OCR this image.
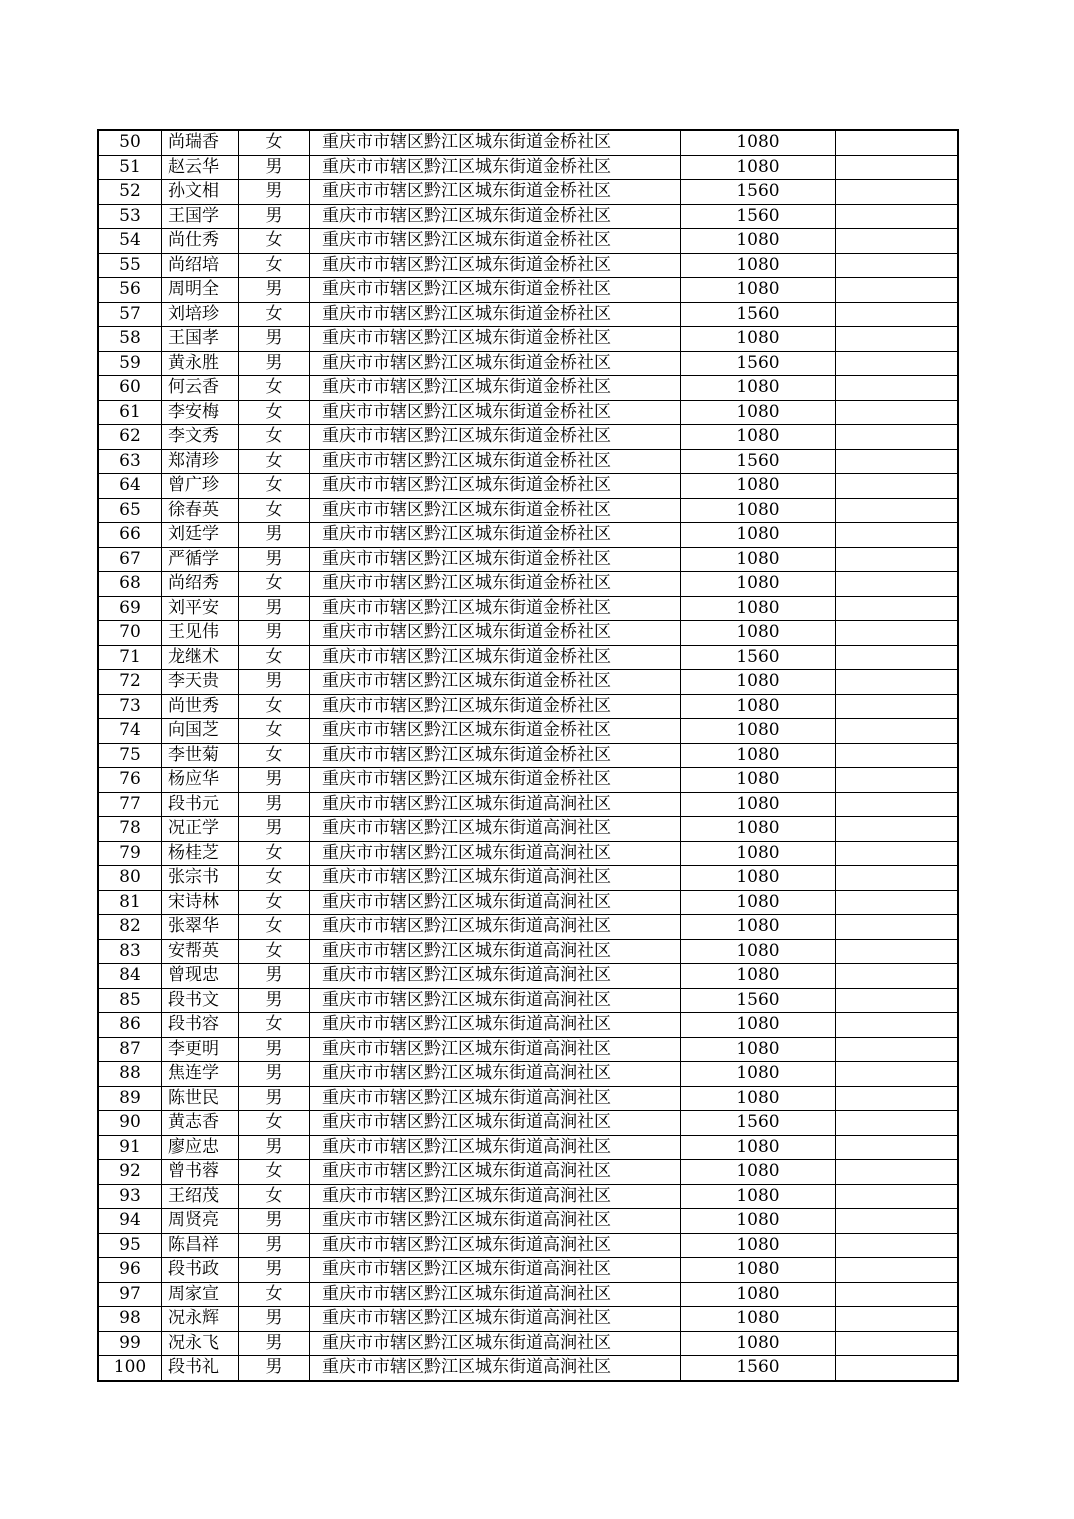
50	尚瑞香	女	重庆市市辖区黔江区城东街道金桥社区	1080	
51	赵云华	男	重庆市市辖区黔江区城东街道金桥社区	1080	
52	孙文相	男	重庆市市辖区黔江区城东街道金桥社区	1560	
53	王国学	男	重庆市市辖区黔江区城东街道金桥社区	1560	
54	尚仕秀	女	重庆市市辖区黔江区城东街道金桥社区	1080	
55	尚绍培	女	重庆市市辖区黔江区城东街道金桥社区	1080	
56	周明全	男	重庆市市辖区黔江区城东街道金桥社区	1080	
57	刘培珍	女	重庆市市辖区黔江区城东街道金桥社区	1560	
58	王国孝	男	重庆市市辖区黔江区城东街道金桥社区	1080	
59	黄永胜	男	重庆市市辖区黔江区城东街道金桥社区	1560	
60	何云香	女	重庆市市辖区黔江区城东街道金桥社区	1080	
61	李安梅	女	重庆市市辖区黔江区城东街道金桥社区	1080	
62	李文秀	女	重庆市市辖区黔江区城东街道金桥社区	1080	
63	郑清珍	女	重庆市市辖区黔江区城东街道金桥社区	1560	
64	曾广珍	女	重庆市市辖区黔江区城东街道金桥社区	1080	
65	徐春英	女	重庆市市辖区黔江区城东街道金桥社区	1080	
66	刘廷学	男	重庆市市辖区黔江区城东街道金桥社区	1080	
67	严循学	男	重庆市市辖区黔江区城东街道金桥社区	1080	
68	尚绍秀	女	重庆市市辖区黔江区城东街道金桥社区	1080	
69	刘平安	男	重庆市市辖区黔江区城东街道金桥社区	1080	
70	王见伟	男	重庆市市辖区黔江区城东街道金桥社区	1080	
71	龙继术	女	重庆市市辖区黔江区城东街道金桥社区	1560	
72	李天贵	男	重庆市市辖区黔江区城东街道金桥社区	1080	
73	尚世秀	女	重庆市市辖区黔江区城东街道金桥社区	1080	
74	向国芝	女	重庆市市辖区黔江区城东街道金桥社区	1080	
75	李世菊	女	重庆市市辖区黔江区城东街道金桥社区	1080	
76	杨应华	男	重庆市市辖区黔江区城东街道金桥社区	1080	
77	段书元	男	重庆市市辖区黔江区城东街道高涧社区	1080	
78	况正学	男	重庆市市辖区黔江区城东街道高涧社区	1080	
79	杨桂芝	女	重庆市市辖区黔江区城东街道高涧社区	1080	
80	张宗书	女	重庆市市辖区黔江区城东街道高涧社区	1080	
81	宋诗林	女	重庆市市辖区黔江区城东街道高涧社区	1080	
82	张翠华	女	重庆市市辖区黔江区城东街道高涧社区	1080	
83	安帮英	女	重庆市市辖区黔江区城东街道高涧社区	1080	
84	曾现忠	男	重庆市市辖区黔江区城东街道高涧社区	1080	
85	段书文	男	重庆市市辖区黔江区城东街道高涧社区	1560	
86	段书容	女	重庆市市辖区黔江区城东街道高涧社区	1080	
87	李更明	男	重庆市市辖区黔江区城东街道高涧社区	1080	
88	焦连学	男	重庆市市辖区黔江区城东街道高涧社区	1080	
89	陈世民	男	重庆市市辖区黔江区城东街道高涧社区	1080	
90	黄志香	女	重庆市市辖区黔江区城东街道高涧社区	1560	
91	廖应忠	男	重庆市市辖区黔江区城东街道高涧社区	1080	
92	曾书蓉	女	重庆市市辖区黔江区城东街道高涧社区	1080	
93	王绍茂	女	重庆市市辖区黔江区城东街道高涧社区	1080	
94	周贤亮	男	重庆市市辖区黔江区城东街道高涧社区	1080	
95	陈昌祥	男	重庆市市辖区黔江区城东街道高涧社区	1080	
96	段书政	男	重庆市市辖区黔江区城东街道高涧社区	1080	
97	周家宣	女	重庆市市辖区黔江区城东街道高涧社区	1080	
98	况永辉	男	重庆市市辖区黔江区城东街道高涧社区	1080	
99	况永飞	男	重庆市市辖区黔江区城东街道高涧社区	1080	
100	段书礼	男	重庆市市辖区黔江区城东街道高涧社区	1560	
